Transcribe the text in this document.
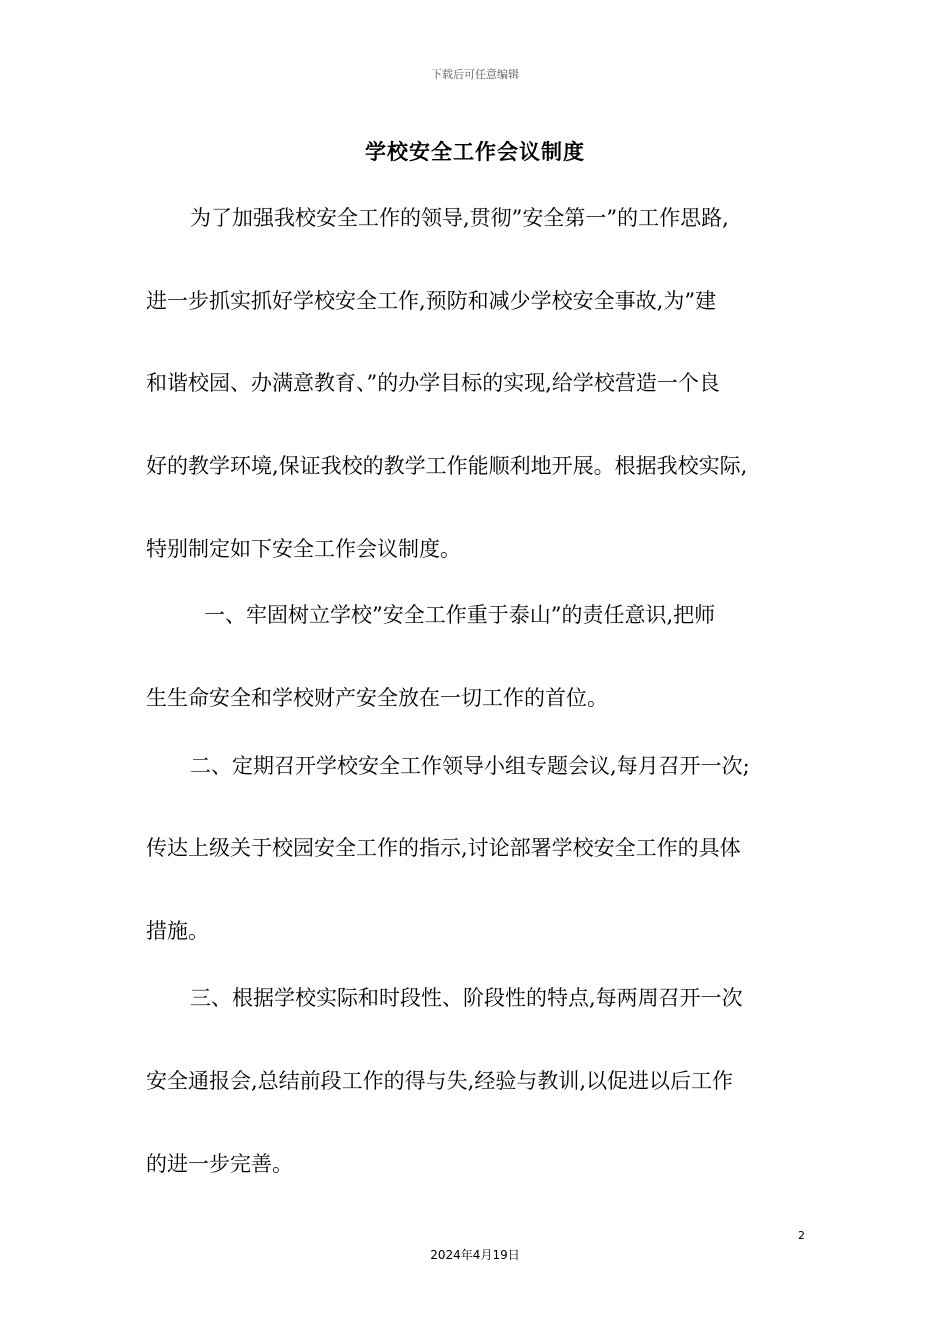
下载后可任意编辑
学校安全工作会议制度
为了加强我校安全工作的领导,贯彻”安全第一”的工作思路,
进一步抓实抓好学校安全工作,预防和减少学校安全事故,为”建
和谐校园、办满意教育、”的办学目标的实现,给学校营造一个良
好的教学环境,保证我校的教学工作能顺利地开展。根据我校实际,
特别制定如下安全工作会议制度。
一、牢固树立学校”安全工作重于泰山”的责任意识,把师
生生命安全和学校财产安全放在一切工作的首位。
二、定期召开学校安全工作领导小组专题会议,每月召开一次;
传达上级关于校园安全工作的指示,讨论部署学校安全工作的具体
措施。
三、根据学校实际和时段性、阶段性的特点,每两周召开一次
安全通报会,总结前段工作的得与失,经验与教训,以促进以后工作
的进一步完善。
2
2024年4月19日
